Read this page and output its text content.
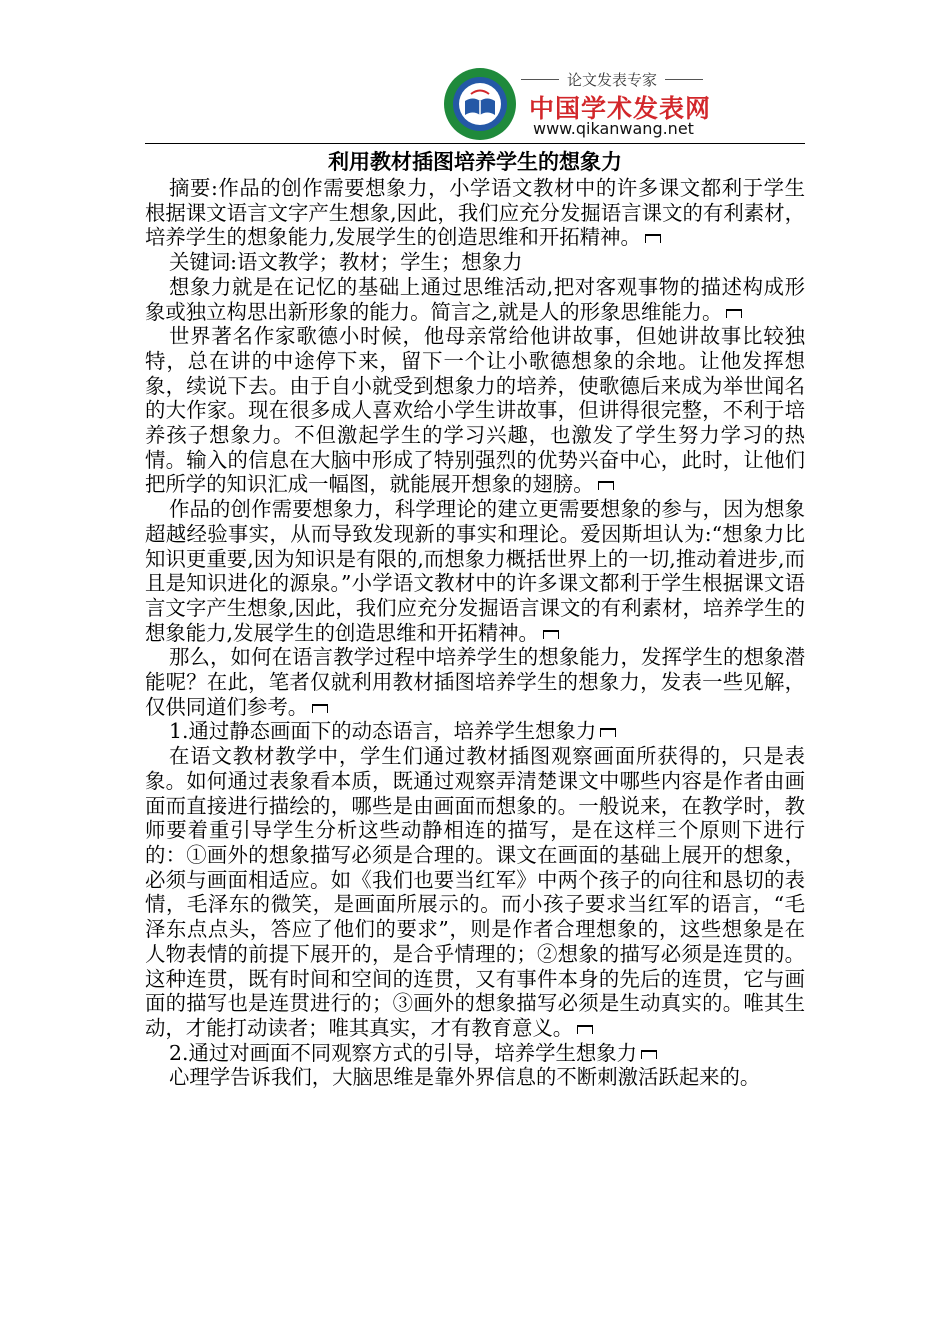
论文发表专家
中国学术发表网
www.qikanwang.net
利用教材插图培养学生的想象力

摘要:作品的创作需要想象力，小学语文教材中的许多课文都利于学生根据课文语言文字产生想象,因此，我们应充分发掘语言课文的有利素材，培养学生的想象能力,发展学生的创造思维和开拓精神。

关键词:语文教学；教材；学生；想象力

想象力就是在记忆的基础上通过思维活动,把对客观事物的描述构成形象或独立构思出新形象的能力。简言之,就是人的形象思维能力。

世界著名作家歌德小时候，他母亲常给他讲故事，但她讲故事比较独特，总在讲的中途停下来，留下一个让小歌德想象的余地。让他发挥想象，续说下去。由于自小就受到想象力的培养，使歌德后来成为举世闻名的大作家。现在很多成人喜欢给小学生讲故事，但讲得很完整，不利于培养孩子想象力。不但激起学生的学习兴趣，也激发了学生努力学习的热情。输入的信息在大脑中形成了特别强烈的优势兴奋中心，此时，让他们把所学的知识汇成一幅图，就能展开想象的翅膀。

作品的创作需要想象力，科学理论的建立更需要想象的参与，因为想象超越经验事实，从而导致发现新的事实和理论。爱因斯坦认为:“想象力比知识更重要,因为知识是有限的,而想象力概括世界上的一切,推动着进步,而且是知识进化的源泉。”小学语文教材中的许多课文都利于学生根据课文语言文字产生想象,因此，我们应充分发掘语言课文的有利素材，培养学生的想象能力,发展学生的创造思维和开拓精神。

那么，如何在语言教学过程中培养学生的想象能力，发挥学生的想象潜能呢？在此，笔者仅就利用教材插图培养学生的想象力，发表一些见解，仅供同道们参考。

1.通过静态画面下的动态语言，培养学生想象力

在语文教材教学中，学生们通过教材插图观察画面所获得的，只是表象。如何通过表象看本质，既通过观察弄清楚课文中哪些内容是作者由画面而直接进行描绘的，哪些是由画面而想象的。一般说来，在教学时，教师要着重引导学生分析这些动静相连的描写，是在这样三个原则下进行的：①画外的想象描写必须是合理的。课文在画面的基础上展开的想象，必须与画面相适应。如《我们也要当红军》中两个孩子的向往和恳切的表情，毛泽东的微笑，是画面所展示的。而小孩子要求当红军的语言，“毛泽东点点头，答应了他们的要求”，则是作者合理想象的，这些想象是在人物表情的前提下展开的，是合乎情理的；②想象的描写必须是连贯的。这种连贯，既有时间和空间的连贯，又有事件本身的先后的连贯，它与画面的描写也是连贯进行的；③画外的想象描写必须是生动真实的。唯其生动，才能打动读者；唯其真实，才有教育意义。

2.通过对画面不同观察方式的引导，培养学生想象力

心理学告诉我们，大脑思维是靠外界信息的不断刺激活跃起来的。
